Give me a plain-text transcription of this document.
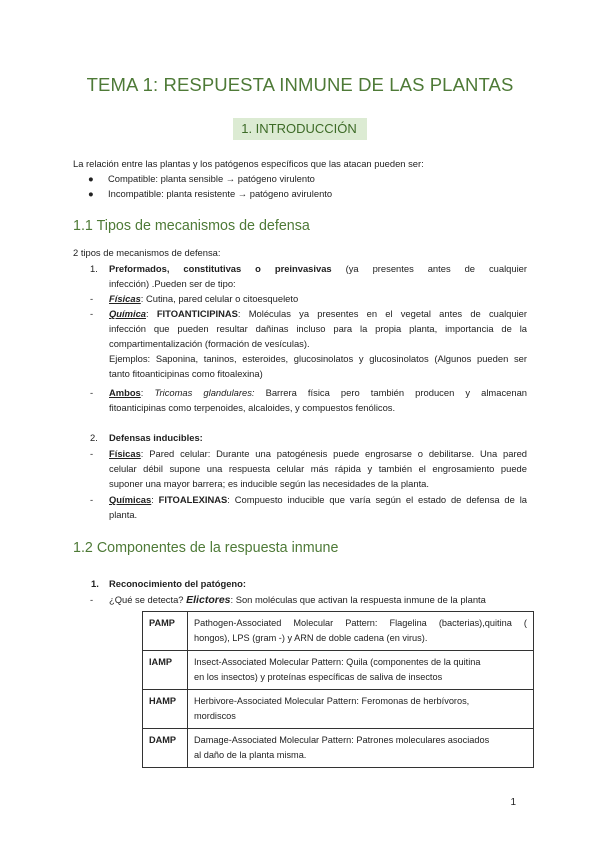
TEMA 1: RESPUESTA INMUNE DE LAS PLANTAS
1. INTRODUCCIÓN
La relación entre las plantas y los patógenos específicos que las atacan pueden ser:
● Compatible: planta sensible → patógeno virulento
● Incompatible: planta resistente → patógeno avirulento
1.1 Tipos de mecanismos de defensa
2 tipos de mecanismos de defensa:
1. Preformados, constitutivas o preinvasivas (ya presentes antes de cualquier
infección) .Pueden ser de tipo:
- Físicas: Cutina, pared celular o citoesqueleto
- Química: FITOANTICIPINAS: Moléculas ya presentes en el vegetal antes de cualquier
infección que pueden resultar dañinas incluso para la propia planta, importancia de la
compartimentalización (formación de vesículas).
Ejemplos: Saponina, taninos, esteroides, glucosinolatos y glucosinolatos (Algunos pueden ser
tanto fitoanticipinas como fitoalexina)
- Ambos: Tricomas glandulares: Barrera física pero también producen y almacenan
fitoanticipinas como terpenoides, alcaloides, y compuestos fenólicos.
2. Defensas inducibles:
- Físicas: Pared celular: Durante una patogénesis puede engrosarse o debilitarse. Una pared
celular débil supone una respuesta celular más rápida y también el engrosamiento puede
suponer una mayor barrera; es inducible según las necesidades de la planta.
- Químicas: FITOALEXINAS: Compuesto inducible que varía según el estado de defensa de la
planta.
1.2 Componentes de la respuesta inmune
1. Reconocimiento del patógeno:
- ¿Qué se detecta? Elictores: Son moléculas que activan la respuesta inmune de la planta
PAMP	Pathogen-Associated Molecular Pattern: Flagelina (bacterias),quitina (
hongos), LPS (gram -) y ARN de doble cadena (en virus).

IAMP	Insect-Associated Molecular Pattern: Quila (componentes de la quitina
en los insectos) y proteínas específicas de saliva de insectos

HAMP	Herbivore-Associated Molecular Pattern: Feromonas de herbívoros,
mordiscos

DAMP	Damage-Associated Molecular Pattern: Patrones moleculares asociados
al daño de la planta misma.
1
